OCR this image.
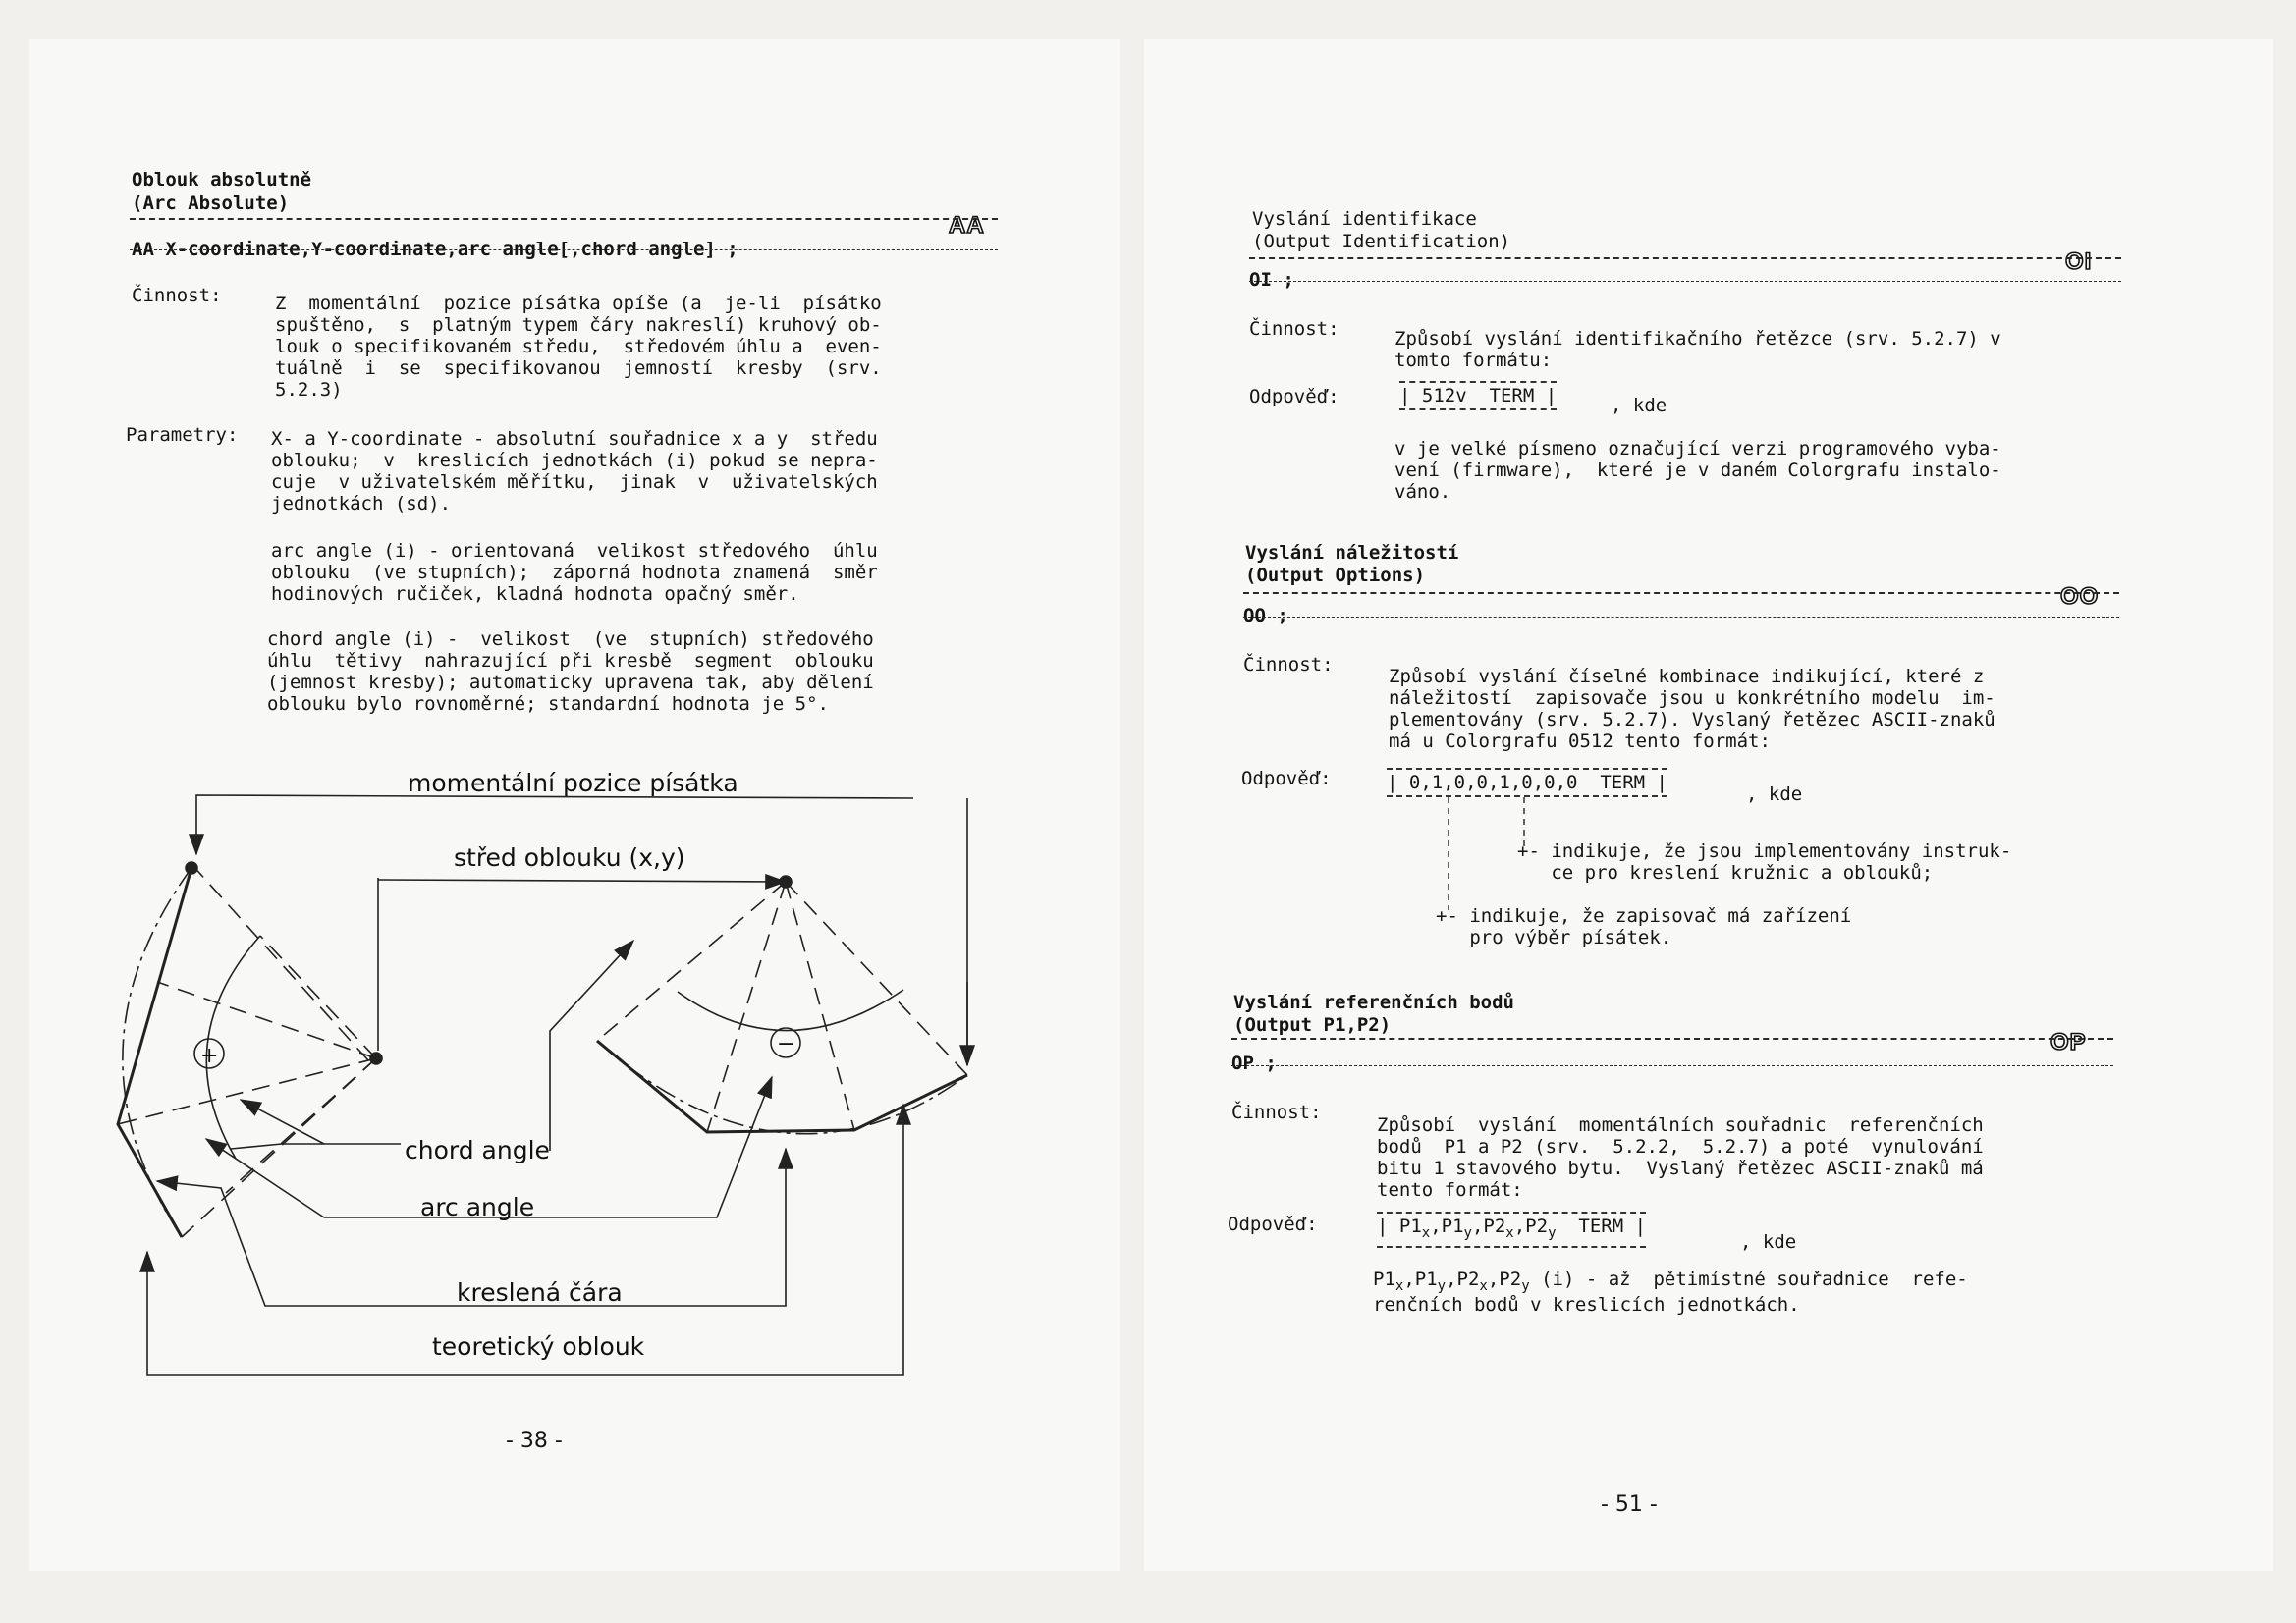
Oblouk absolutně
(Arc Absolute)
AA
AA X-coordinate,Y-coordinate,arc angle[,chord angle] ;
Činnost:	Z  momentální  pozice písátka opíše (a  je-li  písátko
spuštěno,  s  platným typem čáry nakreslí) kruhový ob-
louk o specifikovaném středu,  středovém úhlu a  even-
tuálně  i  se  specifikovanou  jemností  kresby  (srv.
5.2.3)
Parametry: X- a Y-coordinate - absolutní souřadnice x a y  středu
oblouku;  v  kreslicích jednotkách (i) pokud se nepra-
cuje  v uživatelském měřítku,  jinak  v  uživatelských
jednotkách (sd).
arc angle (i) - orientovaná  velikost středového  úhlu
oblouku  (ve stupních);  záporná hodnota znamená  směr
hodinových ručiček, kladná hodnota opačný směr.
chord angle (i) -  velikost  (ve  stupních) středového
úhlu  tětivy  nahrazující při kresbě  segment  oblouku
(jemnost kresby); automaticky upravena tak, aby dělení
oblouku bylo rovnoměrné; standardní hodnota je 5°.
momentální pozice písátka
střed oblouku (x,y)
chord angle
arc angle
kreslená čára
teoretický oblouk
+	−
- 38 -
Vyslání identifikace
(Output Identification)
OI
OI ;
Činnost:	Způsobí vyslání identifikačního řetězce (srv. 5.2.7) v
tomto formátu:
Odpověď:	| 512v  TERM |	, kde
v je velké písmeno označující verzi programového vyba-
vení (firmware),  které je v daném Colorgrafu instalo-
váno.
Vyslání náležitostí
(Output Options)
OO
OO ;
Činnost:
Způsobí vyslání číselné kombinace indikující, které z
náležitostí  zapisovače jsou u konkrétního modelu  im-
plementovány (srv. 5.2.7). Vyslaný řetězec ASCII-znaků
má u Colorgrafu 0512 tento formát:
Odpověď:	| 0,1,0,0,1,0,0,0  TERM |
, kde
+- indikuje, že jsou implementovány instruk-
ce pro kreslení kružnic a oblouků;
+- indikuje, že zapisovač má zařízení
pro výběr písátek.
Vyslání referenčních bodů
(Output P1,P2)
OP
OP ;
Činnost:
Způsobí  vyslání  momentálních souřadnic  referenčních
bodů  P1 a P2 (srv.  5.2.2,  5.2.7) a poté  vynulování
bitu 1 stavového bytu.  Vyslaný řetězec ASCII-znaků má
tento formát:
Odpověď:	| $P1_x,P1_y,P2_x,P2_y$  TERM |
, kde
$P1_x,P1_y,P2_x,P2_y$ (i) - až  pětimístné souřadnice  refe-
renčních bodů v kreslicích jednotkách.
- 51 -
